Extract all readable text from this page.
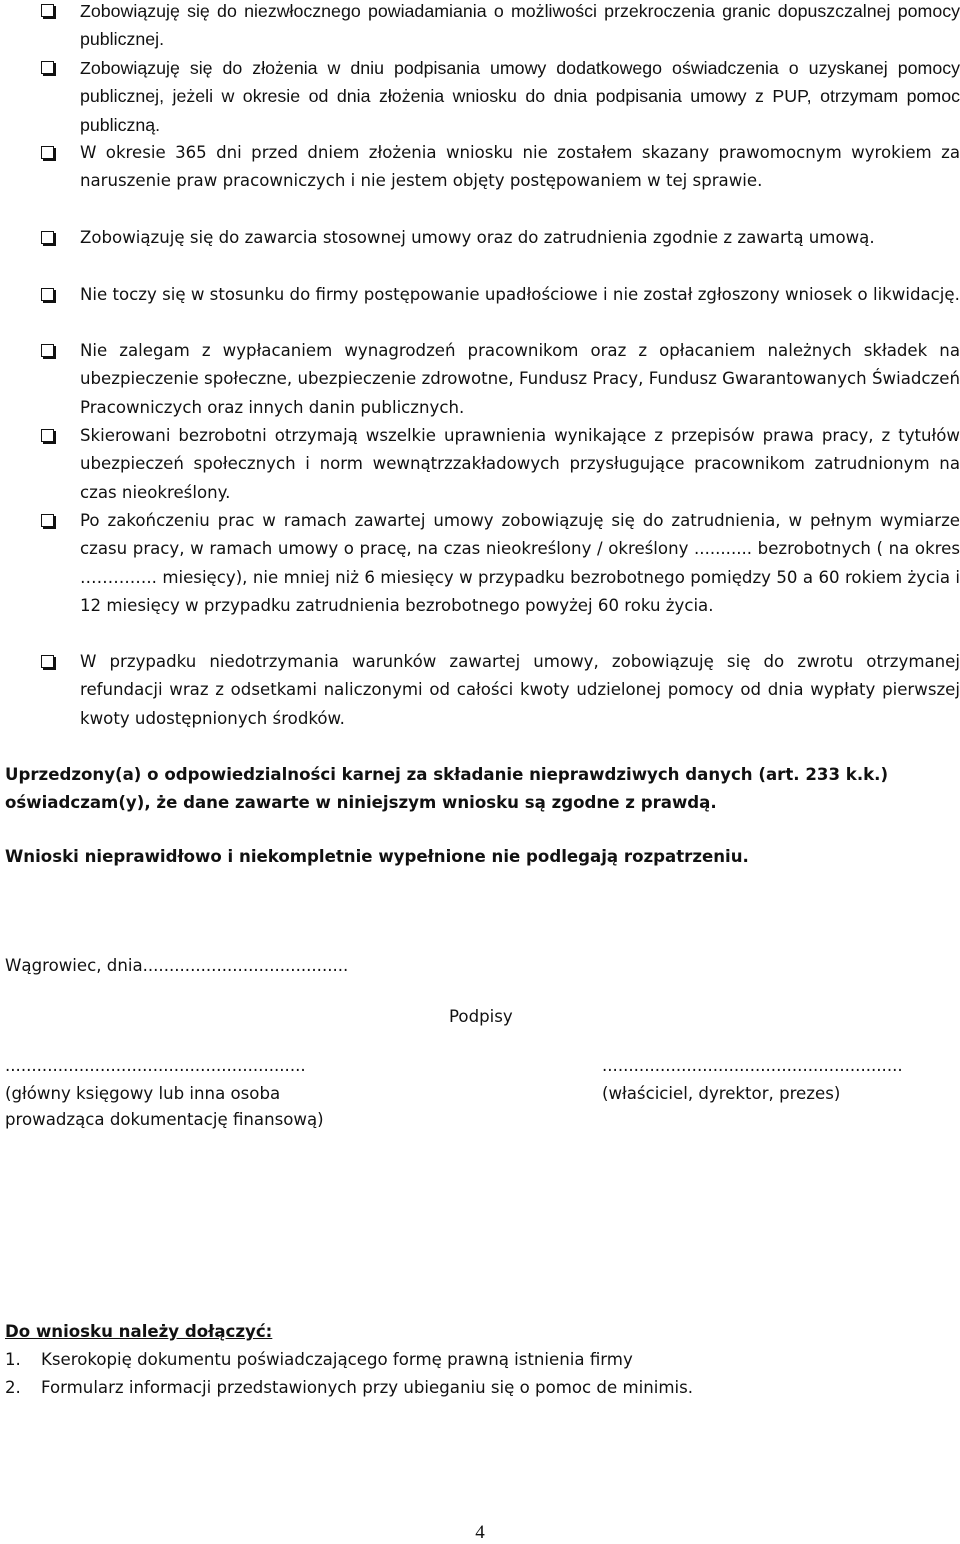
Zobowiązuję się do niezwłocznego powiadamiania o możliwości przekroczenia granic dopuszczalnej pomocy publicznej.
Zobowiązuję się do złożenia w dniu podpisania umowy dodatkowego oświadczenia o uzyskanej pomocy publicznej, jeżeli w okresie od dnia złożenia wniosku do dnia podpisania umowy z PUP, otrzymam pomoc publiczną.
W okresie 365 dni przed dniem złożenia wniosku nie zostałem skazany prawomocnym wyrokiem za naruszenie praw pracowniczych i nie jestem objęty postępowaniem w tej sprawie.
Zobowiązuję się do zawarcia stosownej umowy oraz do zatrudnienia zgodnie z zawartą umową.
Nie toczy się w stosunku do firmy postępowanie upadłościowe i nie został zgłoszony wniosek o likwidację.
Nie zalegam z wypłacaniem wynagrodzeń pracownikom oraz z opłacaniem należnych składek na ubezpieczenie społeczne, ubezpieczenie zdrowotne, Fundusz Pracy, Fundusz Gwarantowanych Świadczeń Pracowniczych oraz innych danin publicznych.
Skierowani bezrobotni otrzymają wszelkie uprawnienia wynikające z przepisów prawa pracy, z tytułów ubezpieczeń społecznych i norm wewnątrzzakładowych przysługujące pracownikom zatrudnionym na czas nieokreślony.
Po zakończeniu prac w ramach zawartej umowy zobowiązuję się do zatrudnienia, w pełnym wymiarze czasu pracy, w ramach umowy o pracę, na czas nieokreślony / określony ........... bezrobotnych ( na okres ………….. miesięcy), nie mniej niż 6 miesięcy w przypadku bezrobotnego pomiędzy 50 a 60 rokiem życia i 12 miesięcy w przypadku zatrudnienia bezrobotnego powyżej 60 roku życia.
W przypadku niedotrzymania warunków zawartej umowy, zobowiązuję się do zwrotu otrzymanej refundacji wraz z odsetkami naliczonymi od całości kwoty udzielonej pomocy od dnia wypłaty pierwszej kwoty udostępnionych środków.

Uprzedzony(a) o odpowiedzialności karnej za składanie nieprawdziwych danych (art. 233 k.k.) oświadczam(y), że dane zawarte w niniejszym wniosku są zgodne z prawdą.

Wnioski nieprawidłowo i niekompletnie wypełnione nie podlegają rozpatrzeniu.

Wągrowiec, dnia.......................................

Podpisy

.........................................................

(główny księgowy lub inna osoba

prowadząca dokumentację finansową)

.........................................................

(właściciel, dyrektor, prezes)

Do wniosku należy dołączyć:

1. Kserokopię dokumentu poświadczającego formę prawną istnienia firmy
2. Formularz informacji przedstawionych przy ubieganiu się o pomoc de minimis.
4
